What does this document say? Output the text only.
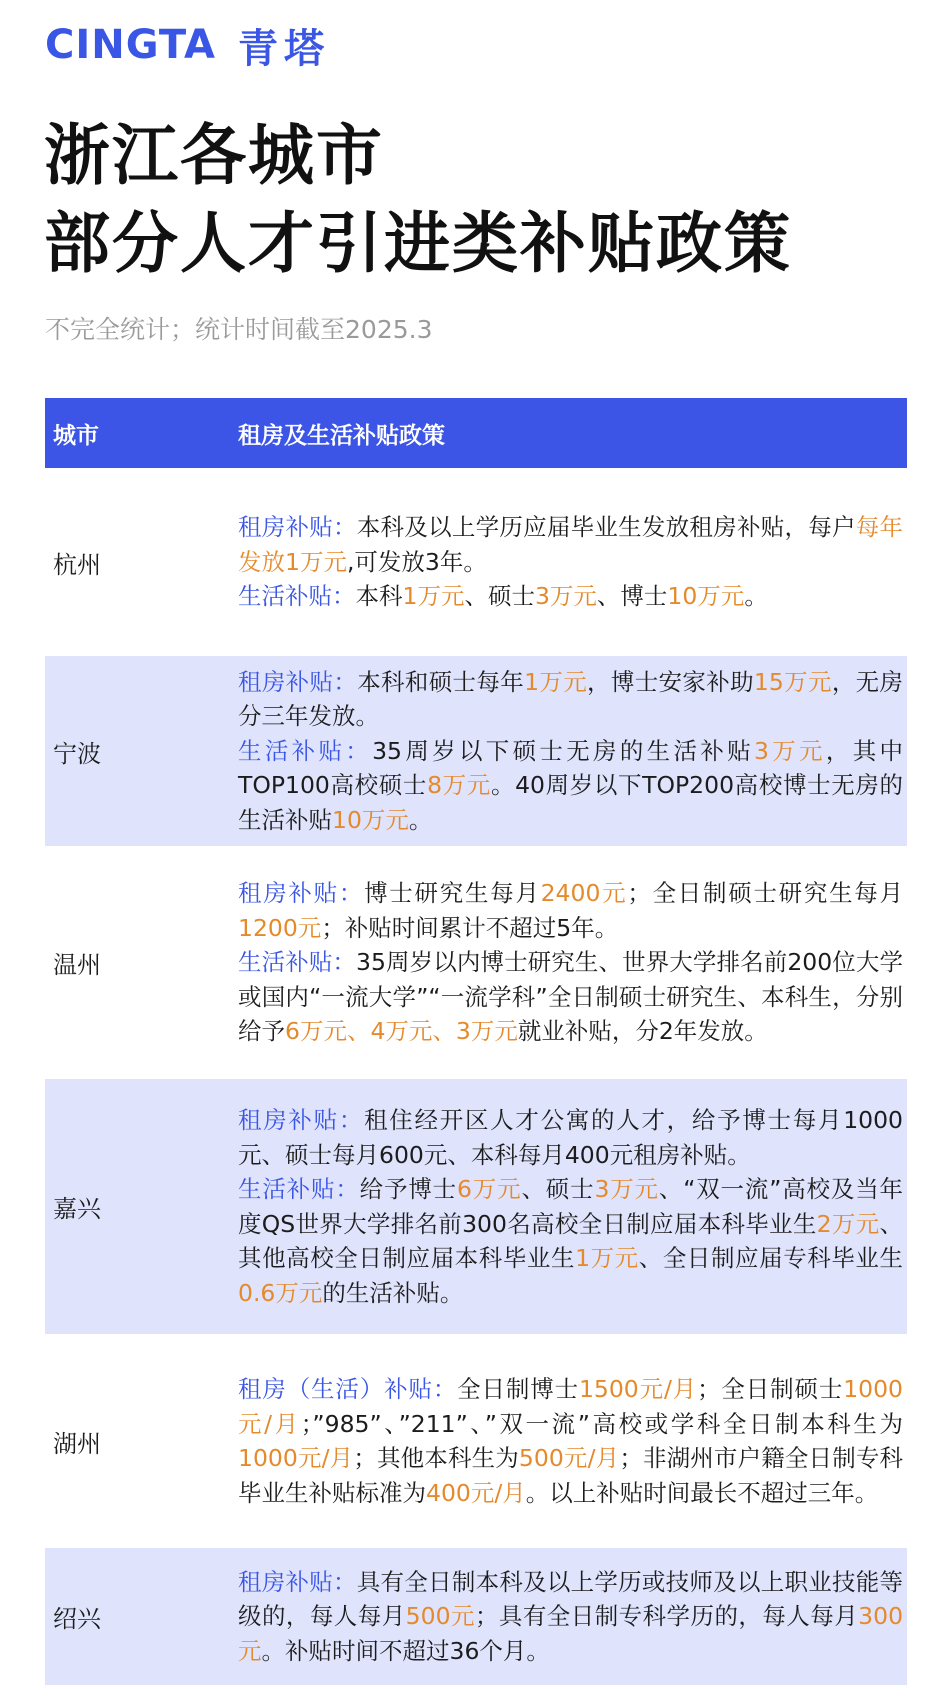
CINGTA 青塔
浙江各城市
部分人才引进类补贴政策
不完全统计；统计时间截至2025.3
城市	租房及生活补贴政策
杭州
租房补贴：本科及以上学历应届毕业生发放租房补贴，每户每年发放1万元,可发放3年。
生活补贴：本科1万元、硕士3万元、博士10万元。
宁波
租房补贴：本科和硕士每年1万元，博士安家补助15万元，无房分三年发放。
生活补贴：35周岁以下硕士无房的生活补贴3万元，其中TOP100高校硕士8万元。40周岁以下TOP200高校博士无房的生活补贴10万元。
温州
租房补贴：博士研究生每月2400元；全日制硕士研究生每月1200元；补贴时间累计不超过5年。
生活补贴：35周岁以内博士研究生、世界大学排名前200位大学或国内“一流大学”“一流学科”全日制硕士研究生、本科生，分别给予6万元、4万元、3万元就业补贴，分2年发放。
嘉兴
租房补贴：租住经开区人才公寓的人才，给予博士每月1000元、硕士每月600元、本科每月400元租房补贴。
生活补贴：给予博士6万元、硕士3万元、“双一流”高校及当年度QS世界大学排名前300名高校全日制应届本科毕业生2万元、其他高校全日制应届本科毕业生1万元、全日制应届专科毕业生0.6万元的生活补贴。
湖州
租房（生活）补贴：全日制博士1500元/月；全日制硕士1000元/月；”985”、”211”、”双一流”高校或学科全日制本科生为1000元/月；其他本科生为500元/月；非湖州市户籍全日制专科毕业生补贴标准为400元/月。以上补贴时间最长不超过三年。
绍兴
租房补贴：具有全日制本科及以上学历或技师及以上职业技能等级的，每人每月500元；具有全日制专科学历的，每人每月300元。补贴时间不超过36个月。
